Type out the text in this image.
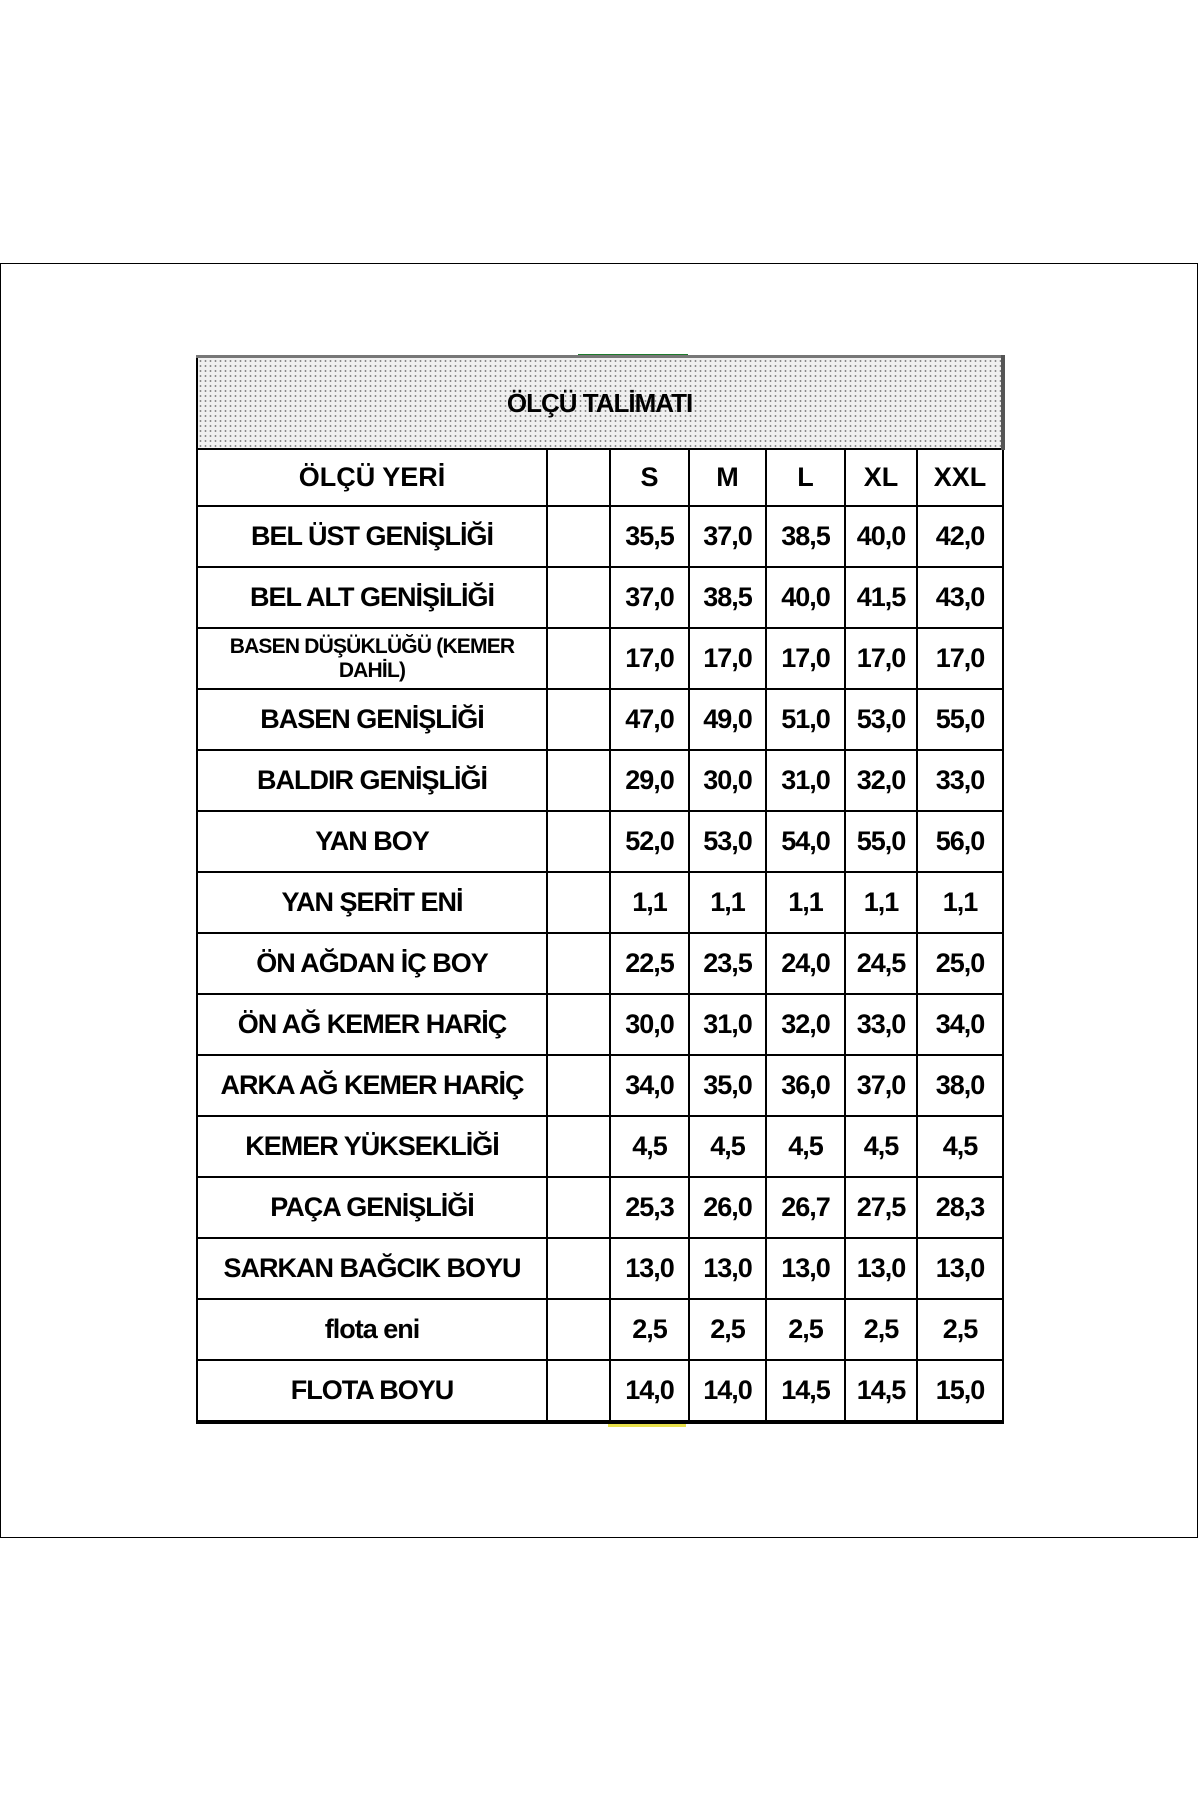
ÖLÇÜ TALİMATI						
ÖLÇÜ YERİ		S	M	L	XL	XXL
BEL ÜST GENİŞLİĞİ		35,5	37,0	38,5	40,0	42,0
BEL ALT GENİŞİLİĞİ		37,0	38,5	40,0	41,5	43,0
BASEN DÜŞÜKLÜĞÜ (KEMER DAHİL)		17,0	17,0	17,0	17,0	17,0
BASEN GENİŞLİĞİ		47,0	49,0	51,0	53,0	55,0
BALDIR GENİŞLİĞİ		29,0	30,0	31,0	32,0	33,0
YAN BOY		52,0	53,0	54,0	55,0	56,0
YAN ŞERİT ENİ		1,1	1,1	1,1	1,1	1,1
ÖN AĞDAN İÇ BOY		22,5	23,5	24,0	24,5	25,0
ÖN AĞ KEMER HARİÇ		30,0	31,0	32,0	33,0	34,0
ARKA AĞ KEMER HARİÇ		34,0	35,0	36,0	37,0	38,0
KEMER YÜKSEKLİĞİ		4,5	4,5	4,5	4,5	4,5
PAÇA GENİŞLİĞİ		25,3	26,0	26,7	27,5	28,3
SARKAN BAĞCIK BOYU		13,0	13,0	13,0	13,0	13,0
flota eni		2,5	2,5	2,5	2,5	2,5
FLOTA BOYU		14,0	14,0	14,5	14,5	15,0
